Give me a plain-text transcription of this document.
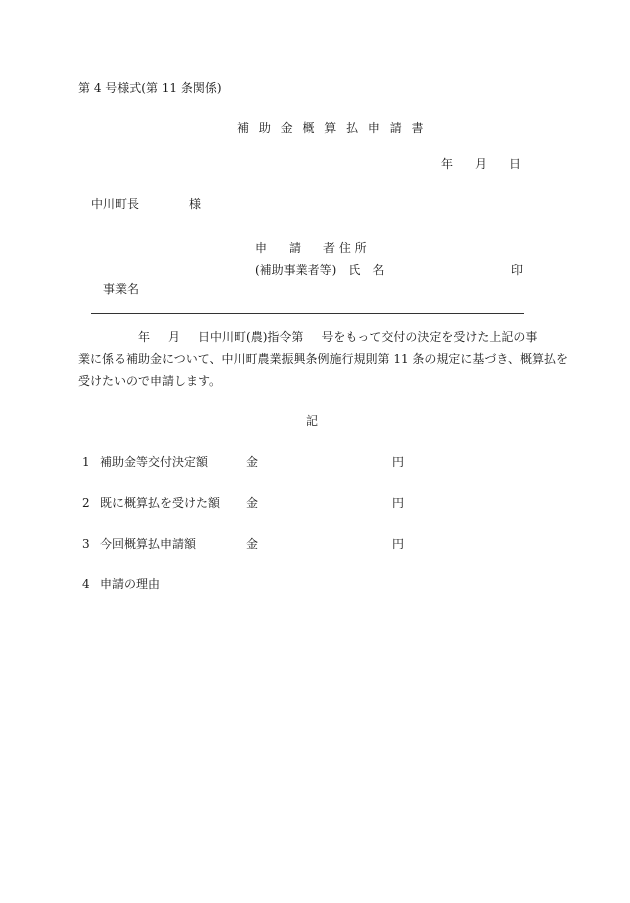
第 4 号様式(第 11 条関係)
補 助 金 概 算 払 申 請 書
年 月 日
中川町長	様
申 請 者 住 所
(補助事業者等)　氏　名	印
事業名
年 月 日中川町(農)指令第 号をもって交付の決定を受けた上記の事
業に係る補助金について、中川町農業振興条例施行規則第 11 条の規定に基づき、概算払を
受けたいので申請します。
記
1 補助金等交付決定額	金	円
2 既に概算払を受けた額 金	円
3 今回概算払申請額	金	円
4 申請の理由
